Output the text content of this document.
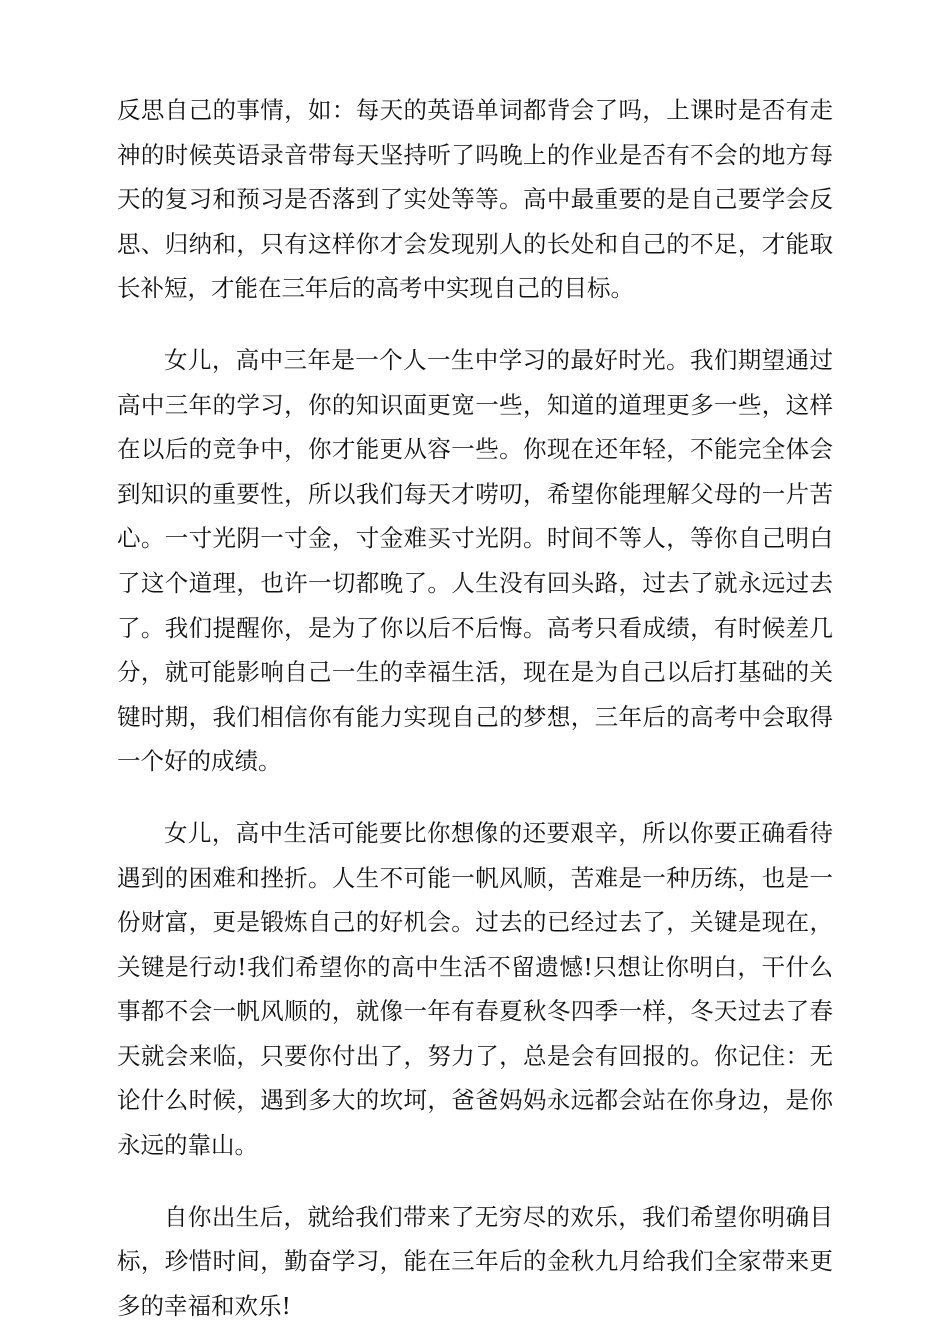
反思自己的事情，如：每天的英语单词都背会了吗，上课时是否有走神的时候英语录音带每天坚持听了吗晚上的作业是否有不会的地方每天的复习和预习是否落到了实处等等。高中最重要的是自己要学会反思、归纳和，只有这样你才会发现别人的长处和自己的不足，才能取长补短，才能在三年后的高考中实现自己的目标。

女儿，高中三年是一个人一生中学习的最好时光。我们期望通过高中三年的学习，你的知识面更宽一些，知道的道理更多一些，这样在以后的竞争中，你才能更从容一些。你现在还年轻，不能完全体会到知识的重要性，所以我们每天才唠叨，希望你能理解父母的一片苦心。一寸光阴一寸金，寸金难买寸光阴。时间不等人，等你自己明白了这个道理，也许一切都晚了。人生没有回头路，过去了就永远过去了。我们提醒你，是为了你以后不后悔。高考只看成绩，有时候差几分，就可能影响自己一生的幸福生活，现在是为自己以后打基础的关键时期，我们相信你有能力实现自己的梦想，三年后的高考中会取得一个好的成绩。

女儿，高中生活可能要比你想像的还要艰辛，所以你要正确看待遇到的困难和挫折。人生不可能一帆风顺，苦难是一种历练，也是一份财富，更是锻炼自己的好机会。过去的已经过去了，关键是现在，关键是行动!我们希望你的高中生活不留遗憾!只想让你明白，干什么事都不会一帆风顺的，就像一年有春夏秋冬四季一样，冬天过去了春天就会来临，只要你付出了，努力了，总是会有回报的。你记住：无论什么时候，遇到多大的坎坷，爸爸妈妈永远都会站在你身边，是你永远的靠山。

自你出生后，就给我们带来了无穷尽的欢乐，我们希望你明确目标，珍惜时间，勤奋学习，能在三年后的金秋九月给我们全家带来更多的幸福和欢乐!
